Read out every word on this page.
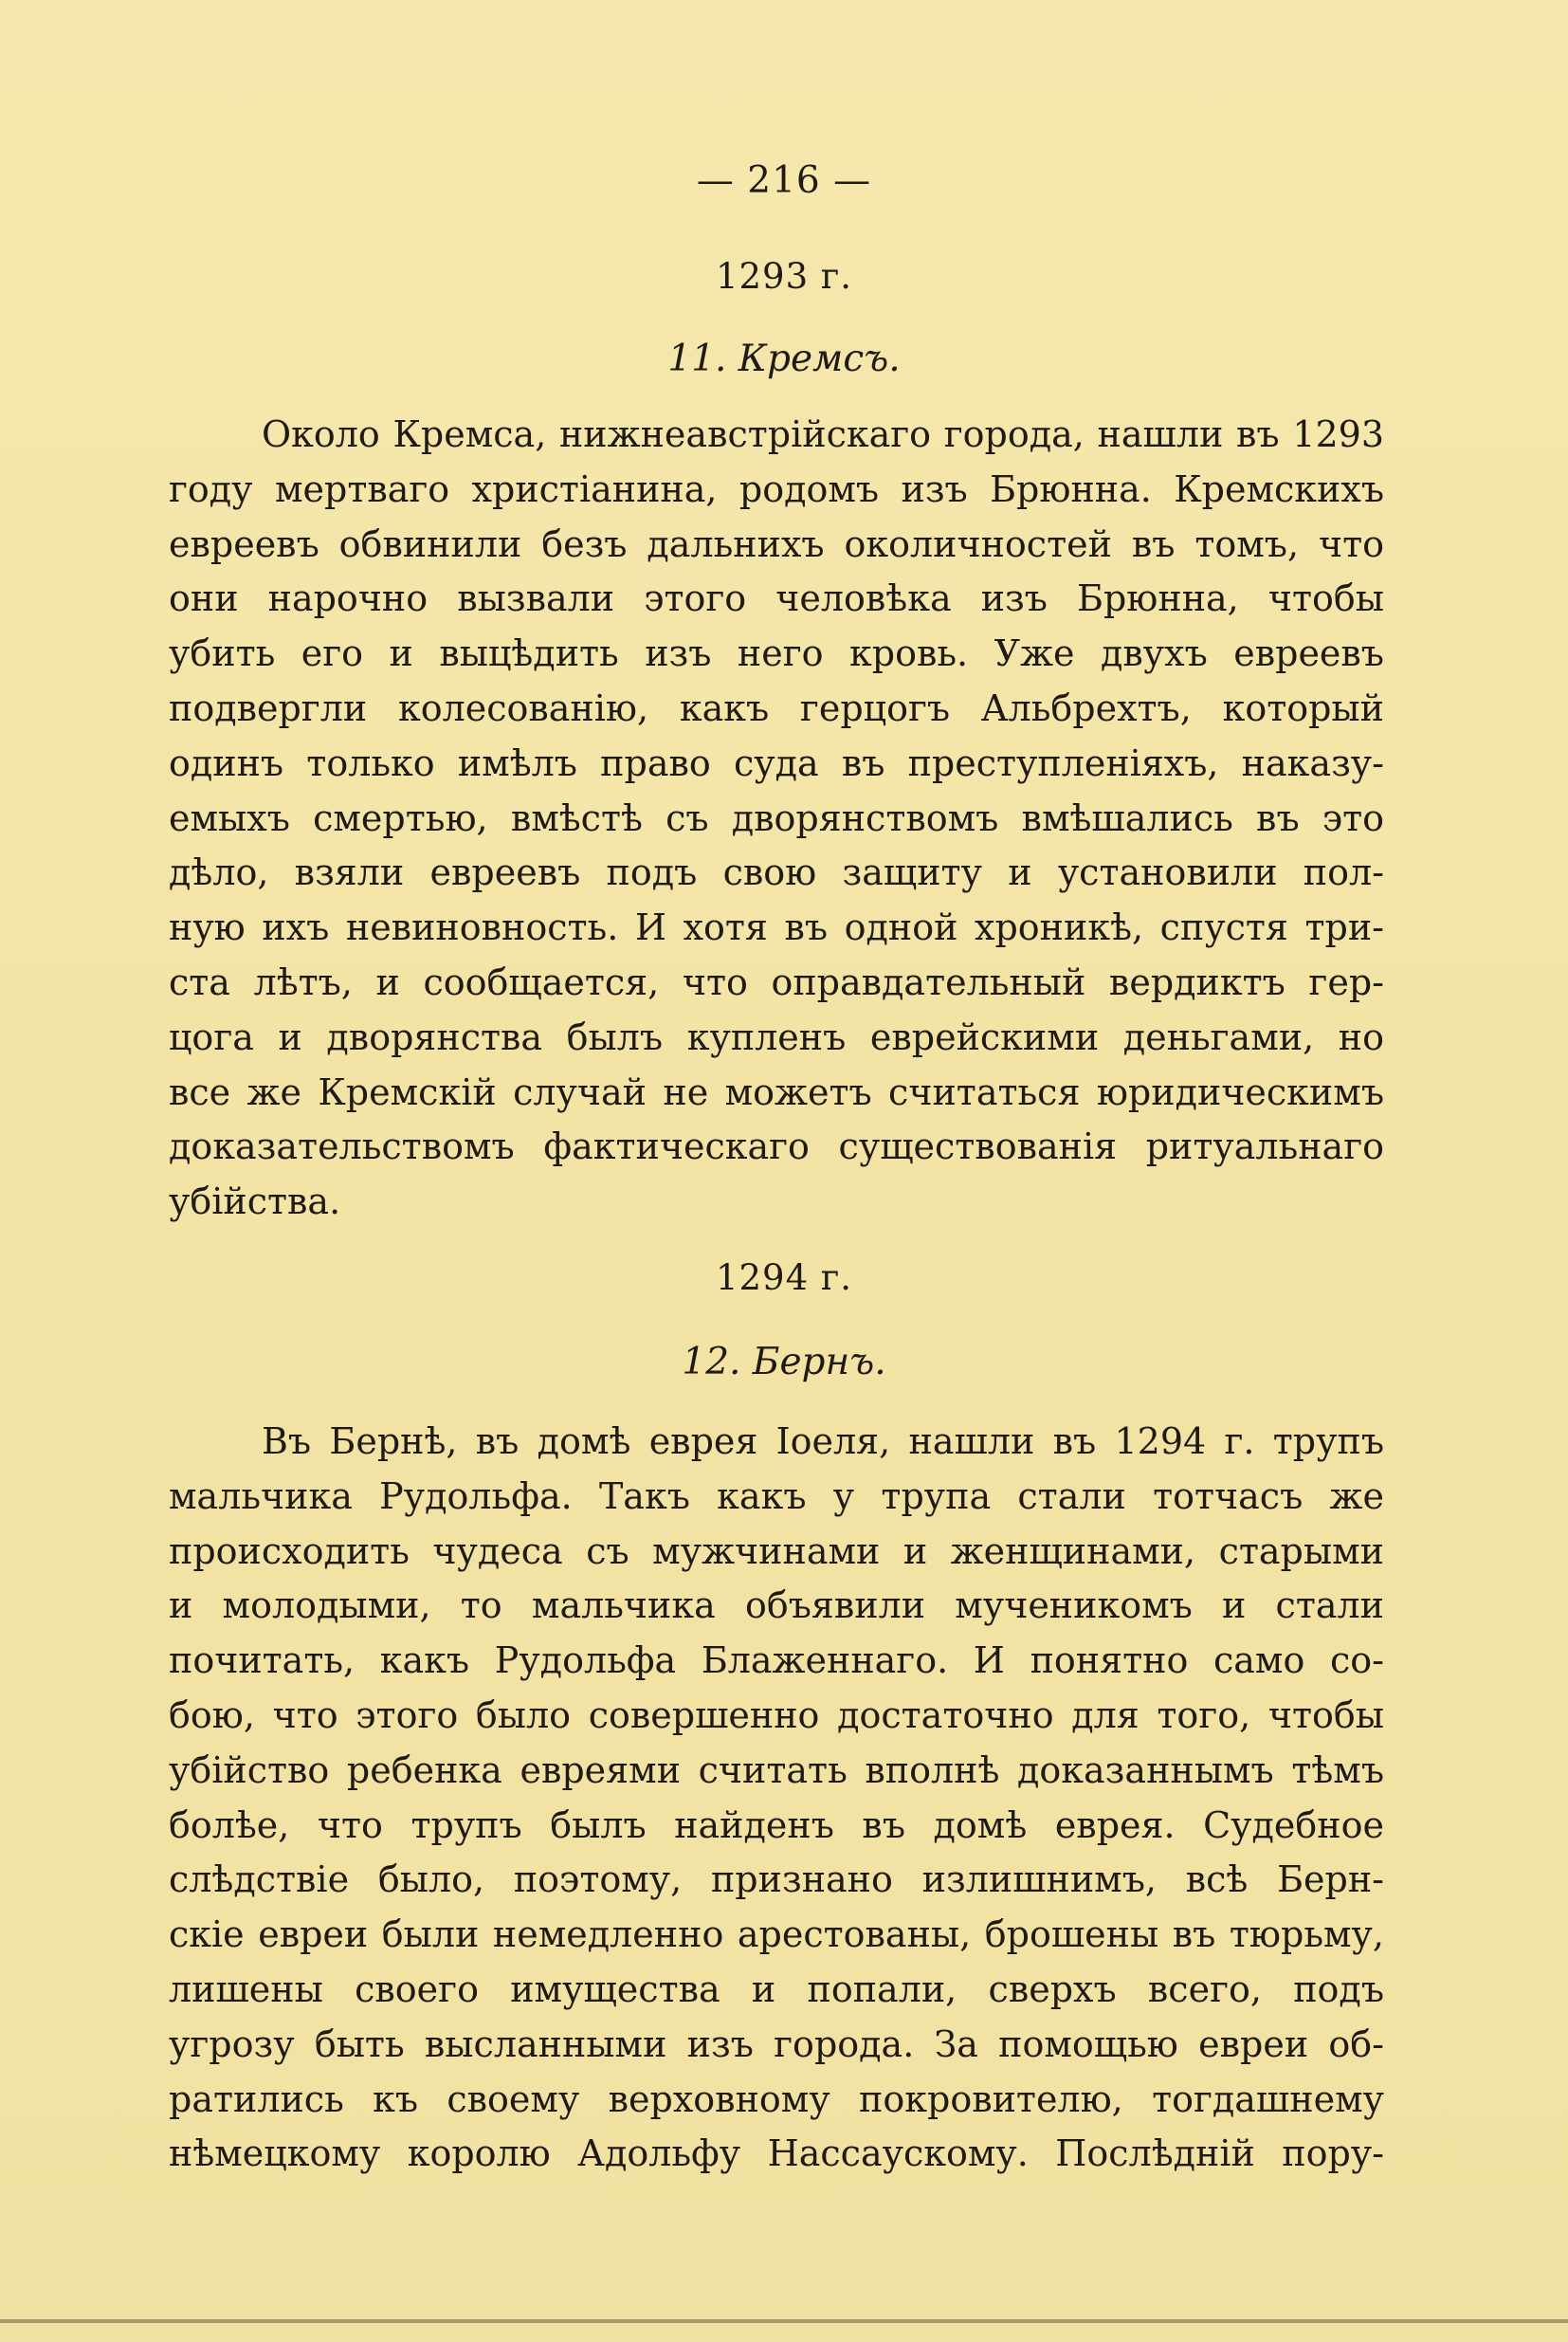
— 216 —
1293 г.
11. Кремсъ.
Около Кремса, нижнеавстрійскаго города, нашли въ 1293
году мертваго христіанина, родомъ изъ Брюнна. Кремскихъ
евреевъ обвинили безъ дальнихъ околичностей въ томъ, что
они нарочно вызвали этого человѣка изъ Брюнна, чтобы
убить его и выцѣдить изъ него кровь. Уже двухъ евреевъ
подвергли колесованію, какъ герцогъ Альбрехтъ, который
одинъ только имѣлъ право суда въ преступленіяхъ, наказу-
емыхъ смертью, вмѣстѣ съ дворянствомъ вмѣшались въ это
дѣло, взяли евреевъ подъ свою защиту и установили пол-
ную ихъ невиновность. И хотя въ одной хроникѣ, спустя три-
ста лѣтъ, и сообщается, что оправдательный вердиктъ гер-
цога и дворянства былъ купленъ еврейскими деньгами, но
все же Кремскій случай не можетъ считаться юридическимъ
доказательствомъ фактическаго существованія ритуальнаго
убійства.
1294 г.
12. Бернъ.
Въ Бернѣ, въ домѣ еврея Іоеля, нашли въ 1294 г. трупъ
мальчика Рудольфа. Такъ какъ у трупа стали тотчасъ же
происходить чудеса съ мужчинами и женщинами, старыми
и молодыми, то мальчика объявили мученикомъ и стали
почитать, какъ Рудольфа Блаженнаго. И понятно само со-
бою, что этого было совершенно достаточно для того, чтобы
убійство ребенка евреями считать вполнѣ доказаннымъ тѣмъ
болѣе, что трупъ былъ найденъ въ домѣ еврея. Судебное
слѣдствіе было, поэтому, признано излишнимъ, всѣ Берн-
скіе евреи были немедленно арестованы, брошены въ тюрьму,
лишены своего имущества и попали, сверхъ всего, подъ
угрозу быть высланными изъ города. За помощью евреи об-
ратились къ своему верховному покровителю, тогдашнему
нѣмецкому королю Адольфу Нассаускому. Послѣдній пору-
